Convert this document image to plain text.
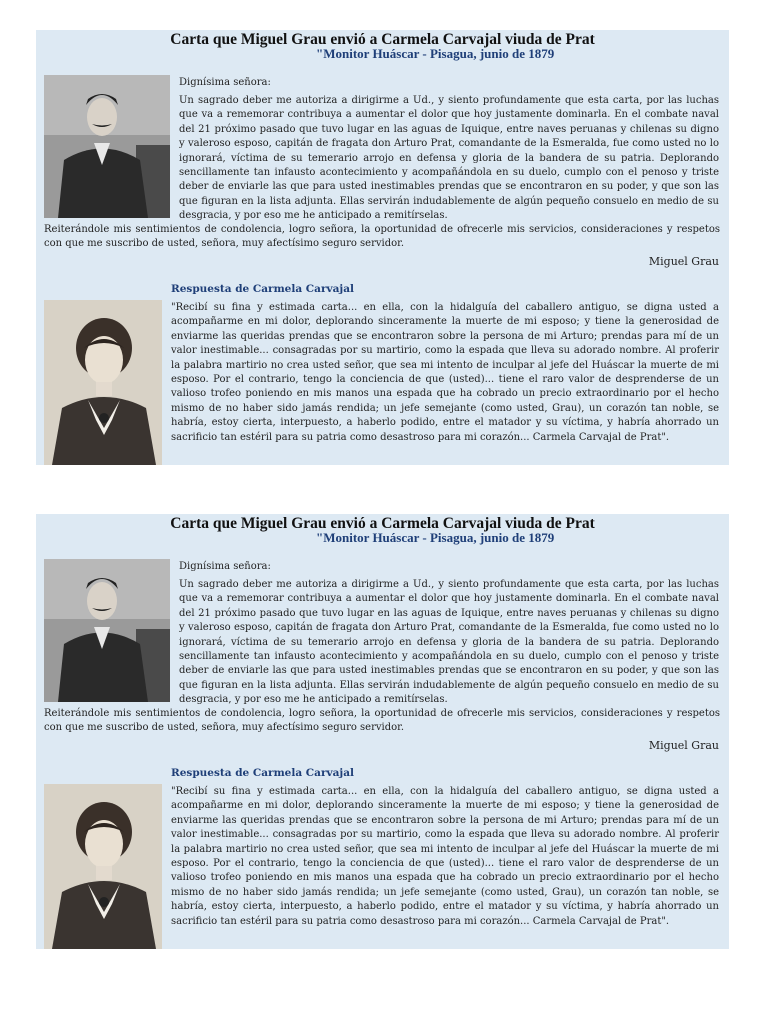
Carta que Miguel Grau envió a Carmela Carvajal viuda de Prat
"Monitor Huáscar - Pisagua, junio de 1879
Dignísima señora:
Un sagrado deber me autoriza a dirigirme a Ud., y siento profundamente que esta carta, por las luchas que va a rememorar contribuya a aumentar el dolor que hoy justamente dominarla. En el combate naval del 21 próximo pasado que tuvo lugar en las aguas de Iquique, entre naves peruanas y chilenas su digno y valeroso esposo, capitán de fragata don Arturo Prat, comandante de la Esmeralda, fue como usted no lo ignorará, víctima de su temerario arrojo en defensa y gloria de la bandera de su patria. Deplorando sencillamente tan infausto acontecimiento y acompañándola en su duelo, cumplo con el penoso y triste deber de enviarle las que para usted inestimables prendas que se encontraron en su poder, y que son las que figuran en la lista adjunta. Ellas servirán indudablemente de algún pequeño consuelo en medio de su desgracia, y por eso me he anticipado a remitírselas.
Reiterándole mis sentimientos de condolencia, logro señora, la oportunidad de ofrecerle mis servicios, consideraciones y respetos con que me suscribo de usted, señora, muy afectísimo seguro servidor.
Miguel Grau
Respuesta de Carmela Carvajal
"Recibí su fina y estimada carta... en ella, con la hidalguía del caballero antiguo, se digna usted a acompañarme en mi dolor, deplorando sinceramente la muerte de mi esposo; y tiene la generosidad de enviarme las queridas prendas que se encontraron sobre la persona de mi Arturo; prendas para mí de un valor inestimable... consagradas por su martirio, como la espada que lleva su adorado nombre. Al proferir la palabra martirio no crea usted señor, que sea mi intento de inculpar al jefe del Huáscar la muerte de mi esposo. Por el contrario, tengo la conciencia de que (usted)... tiene el raro valor de desprenderse de un valioso trofeo poniendo en mis manos una espada que ha cobrado un precio extraordinario por el hecho mismo de no haber sido jamás rendida; un jefe semejante (como usted, Grau), un corazón tan noble, se habría, estoy cierta, interpuesto, a haberlo podido, entre el matador y su víctima, y habría ahorrado un sacrificio tan estéril para su patria como desastroso para mi corazón... Carmela Carvajal de Prat".
Carta que Miguel Grau envió a Carmela Carvajal viuda de Prat
"Monitor Huáscar - Pisagua, junio de 1879
Dignísima señora:
Un sagrado deber me autoriza a dirigirme a Ud., y siento profundamente que esta carta, por las luchas que va a rememorar contribuya a aumentar el dolor que hoy justamente dominarla. En el combate naval del 21 próximo pasado que tuvo lugar en las aguas de Iquique, entre naves peruanas y chilenas su digno y valeroso esposo, capitán de fragata don Arturo Prat, comandante de la Esmeralda, fue como usted no lo ignorará, víctima de su temerario arrojo en defensa y gloria de la bandera de su patria. Deplorando sencillamente tan infausto acontecimiento y acompañándola en su duelo, cumplo con el penoso y triste deber de enviarle las que para usted inestimables prendas que se encontraron en su poder, y que son las que figuran en la lista adjunta. Ellas servirán indudablemente de algún pequeño consuelo en medio de su desgracia, y por eso me he anticipado a remitírselas.
Reiterándole mis sentimientos de condolencia, logro señora, la oportunidad de ofrecerle mis servicios, consideraciones y respetos con que me suscribo de usted, señora, muy afectísimo seguro servidor.
Miguel Grau
Respuesta de Carmela Carvajal
"Recibí su fina y estimada carta... en ella, con la hidalguía del caballero antiguo, se digna usted a acompañarme en mi dolor, deplorando sinceramente la muerte de mi esposo; y tiene la generosidad de enviarme las queridas prendas que se encontraron sobre la persona de mi Arturo; prendas para mí de un valor inestimable... consagradas por su martirio, como la espada que lleva su adorado nombre. Al proferir la palabra martirio no crea usted señor, que sea mi intento de inculpar al jefe del Huáscar la muerte de mi esposo. Por el contrario, tengo la conciencia de que (usted)... tiene el raro valor de desprenderse de un valioso trofeo poniendo en mis manos una espada que ha cobrado un precio extraordinario por el hecho mismo de no haber sido jamás rendida; un jefe semejante (como usted, Grau), un corazón tan noble, se habría, estoy cierta, interpuesto, a haberlo podido, entre el matador y su víctima, y habría ahorrado un sacrificio tan estéril para su patria como desastroso para mi corazón... Carmela Carvajal de Prat".
